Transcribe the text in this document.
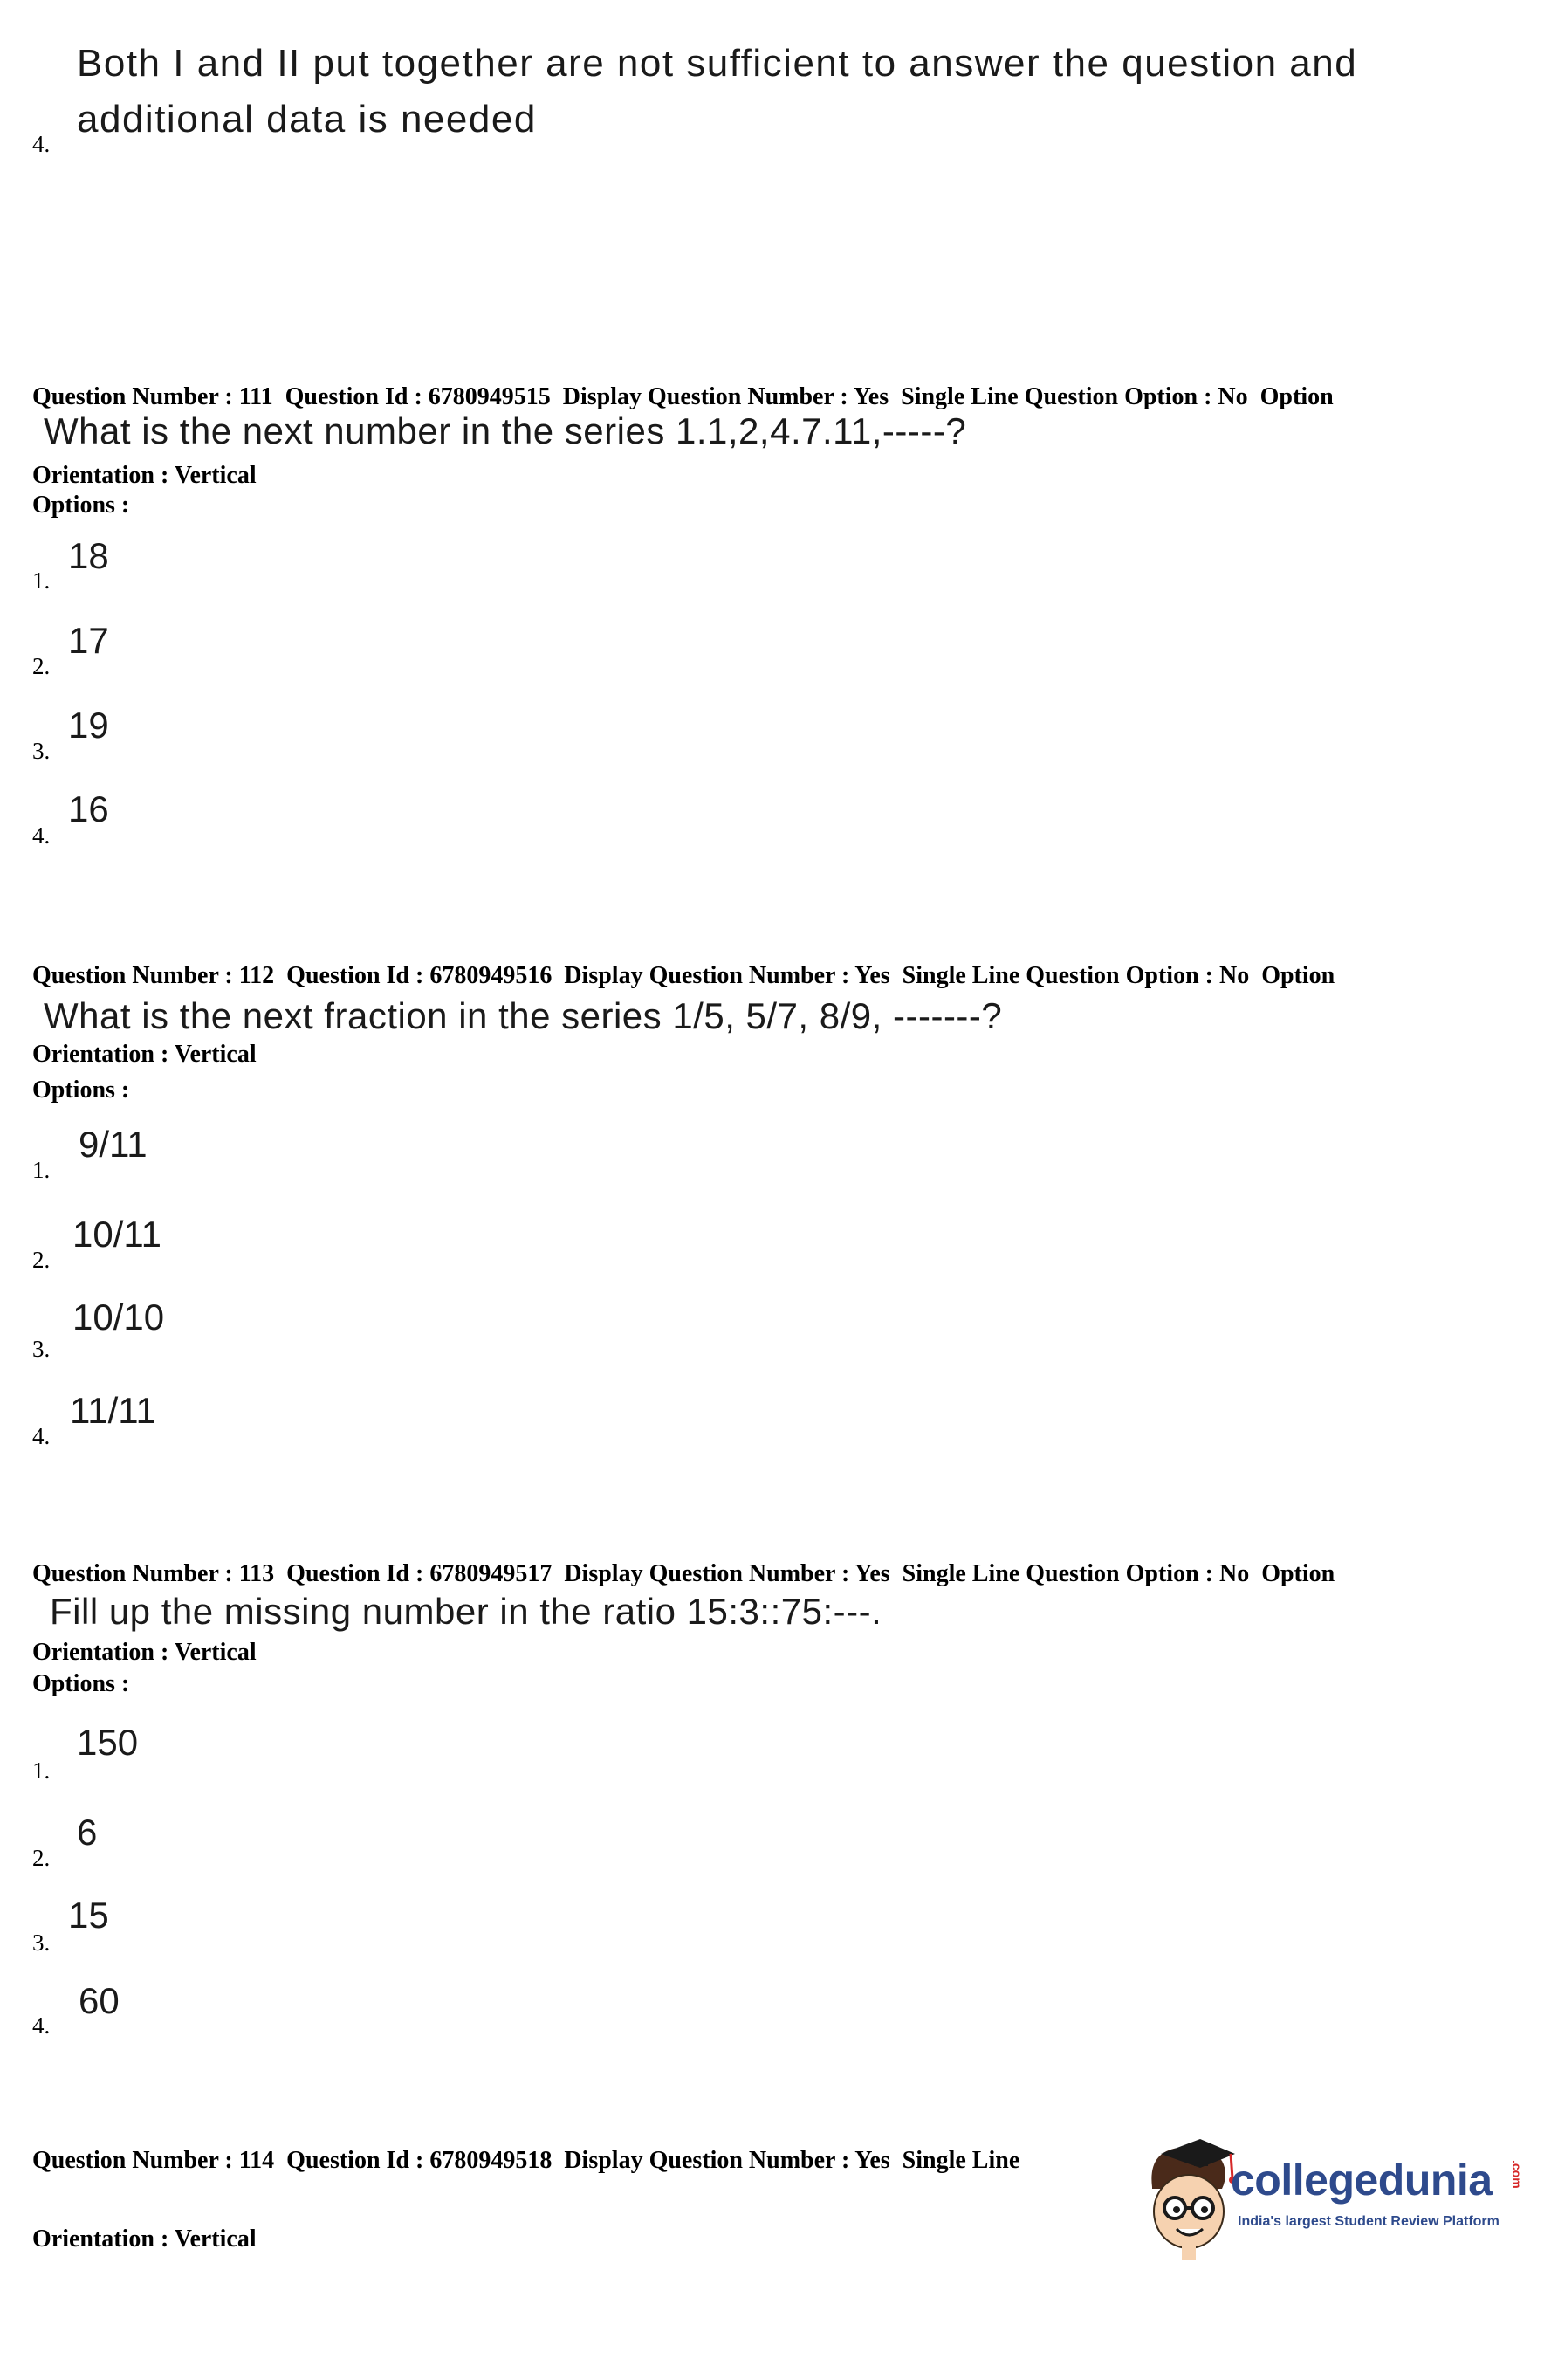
Both I and II put together are not sufficient to answer the question and
additional data is needed
4.

Question Number : 111  Question Id : 6780949515  Display Question Number : Yes  Single Line Question Option : No  Option

Orientation : Vertical

What is the next number in the series 1.1,2,4.7.11,-----?
Options :
1.
18
2.
17
3.
19
4.
16

Question Number : 112  Question Id : 6780949516  Display Question Number : Yes  Single Line Question Option : No  Option

Orientation : Vertical

What is the next fraction in the series 1/5, 5/7, 8/9, -------?
Options :
1.
9/11
2.
10/11
3.
10/10
4.
11/11

Question Number : 113  Question Id : 6780949517  Display Question Number : Yes  Single Line Question Option : No  Option

Orientation : Vertical

Fill up the missing number in the ratio 15:3::75:---.
Options :
1.
150
2.
6
3.
15
4.
60

Question Number : 114  Question Id : 6780949518  Display Question Number : Yes  Single Line

Orientation : Vertical

collegedunia .com
India's largest Student Review Platform
